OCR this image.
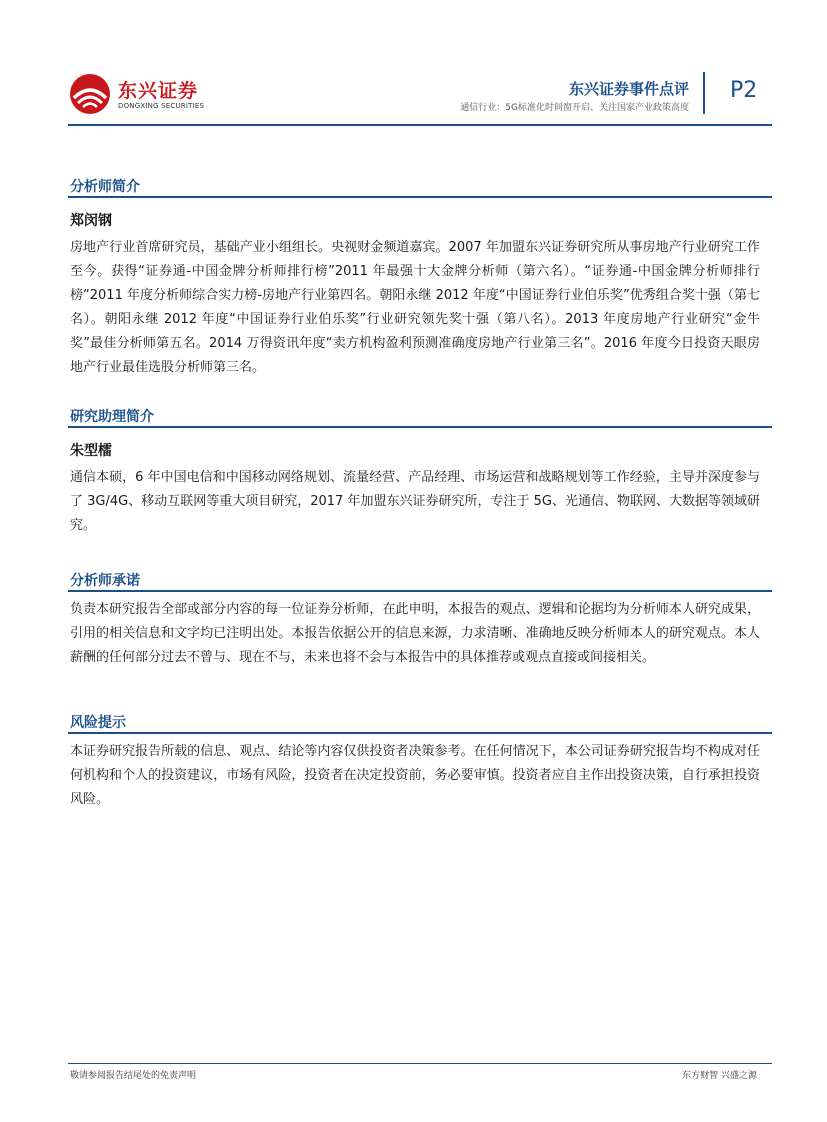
东兴证券
DONGXING SECURITIES
东兴证券事件点评
通信行业：5G标准化时间窗开启、关注国家产业政策高度
P2
分析师简介
郑闵钢
房地产行业首席研究员，基础产业小组组长。央视财金频道嘉宾。2007 年加盟东兴证券研究所从事房地产行业研究工作至今。获得“证券通-中国金牌分析师排行榜”2011 年最强十大金牌分析师（第六名）。“证券通-中国金牌分析师排行榜”2011 年度分析师综合实力榜-房地产行业第四名。朝阳永继 2012 年度“中国证券行业伯乐奖”优秀组合奖十强（第七名）。朝阳永继 2012 年度“中国证券行业伯乐奖”行业研究领先奖十强（第八名）。2013 年度房地产行业研究“金牛奖”最佳分析师第五名。2014 万得资讯年度“卖方机构盈利预测准确度房地产行业第三名”。2016 年度今日投资天眼房地产行业最佳选股分析师第三名。
研究助理简介
朱型檑
通信本硕，6 年中国电信和中国移动网络规划、流量经营、产品经理、市场运营和战略规划等工作经验，主导并深度参与了 3G/4G、移动互联网等重大项目研究，2017 年加盟东兴证券研究所，专注于 5G、光通信、物联网、大数据等领域研究。
分析师承诺
负责本研究报告全部或部分内容的每一位证券分析师，在此申明，本报告的观点、逻辑和论据均为分析师本人研究成果，引用的相关信息和文字均已注明出处。本报告依据公开的信息来源，力求清晰、准确地反映分析师本人的研究观点。本人薪酬的任何部分过去不曾与、现在不与，未来也将不会与本报告中的具体推荐或观点直接或间接相关。
风险提示
本证券研究报告所载的信息、观点、结论等内容仅供投资者决策参考。在任何情况下，本公司证券研究报告均不构成对任何机构和个人的投资建议，市场有风险，投资者在决定投资前，务必要审慎。投资者应自主作出投资决策，自行承担投资风险。
敬请参阅报告结尾处的免责声明	东方财智 兴盛之源
